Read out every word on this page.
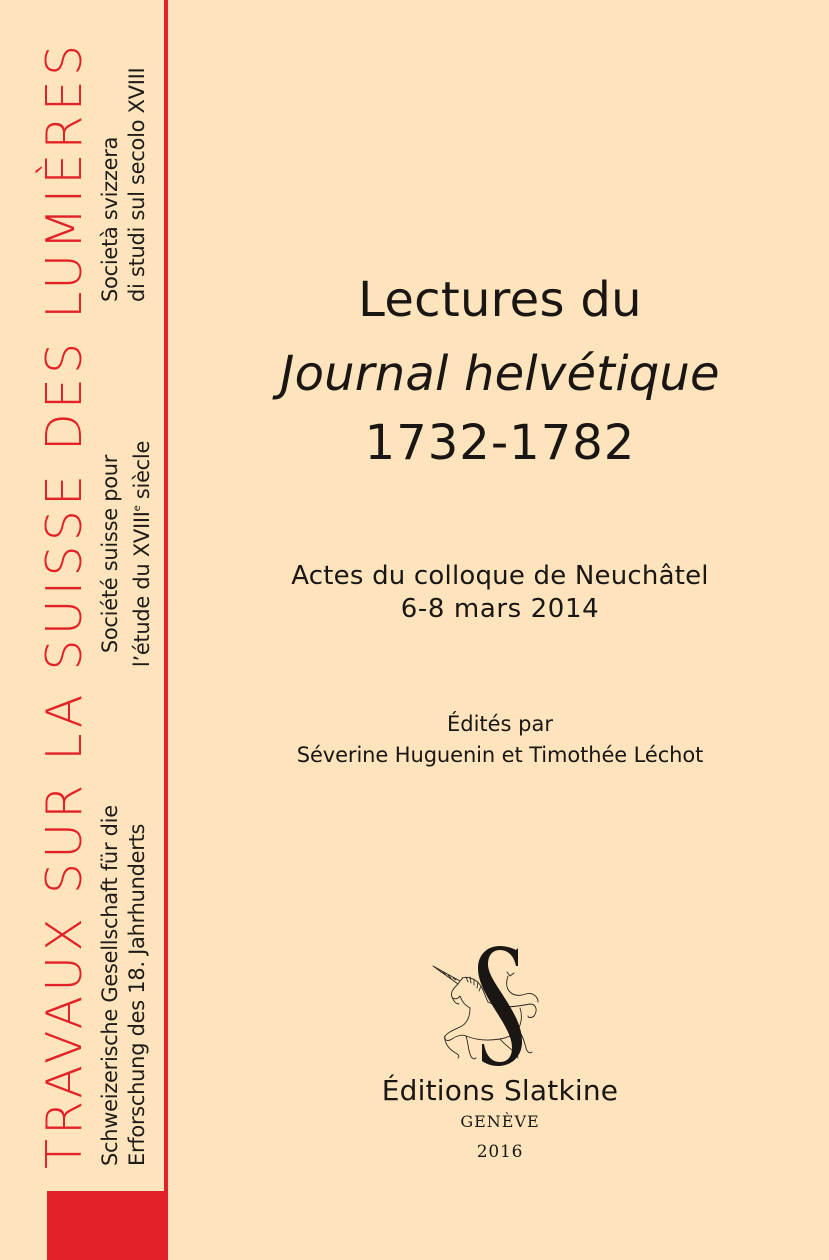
TRAVAUX SUR LA SUISSE DES LUMIÈRES Schweizerische Gesellschaft für die Erforschung des 18. Jahrhunderts
Société suisse pour l’étude du XVIIIe siècle
Società svizzera di studi sul secolo XVIII	Lectures du
Journal helvétique
1732-1782
Actes du colloque de Neuchâtel
6-8 mars 2014
Édités par
Séverine Huguenin et Timothée Léchot
Éditions Slatkine
GENÈVE
2016
